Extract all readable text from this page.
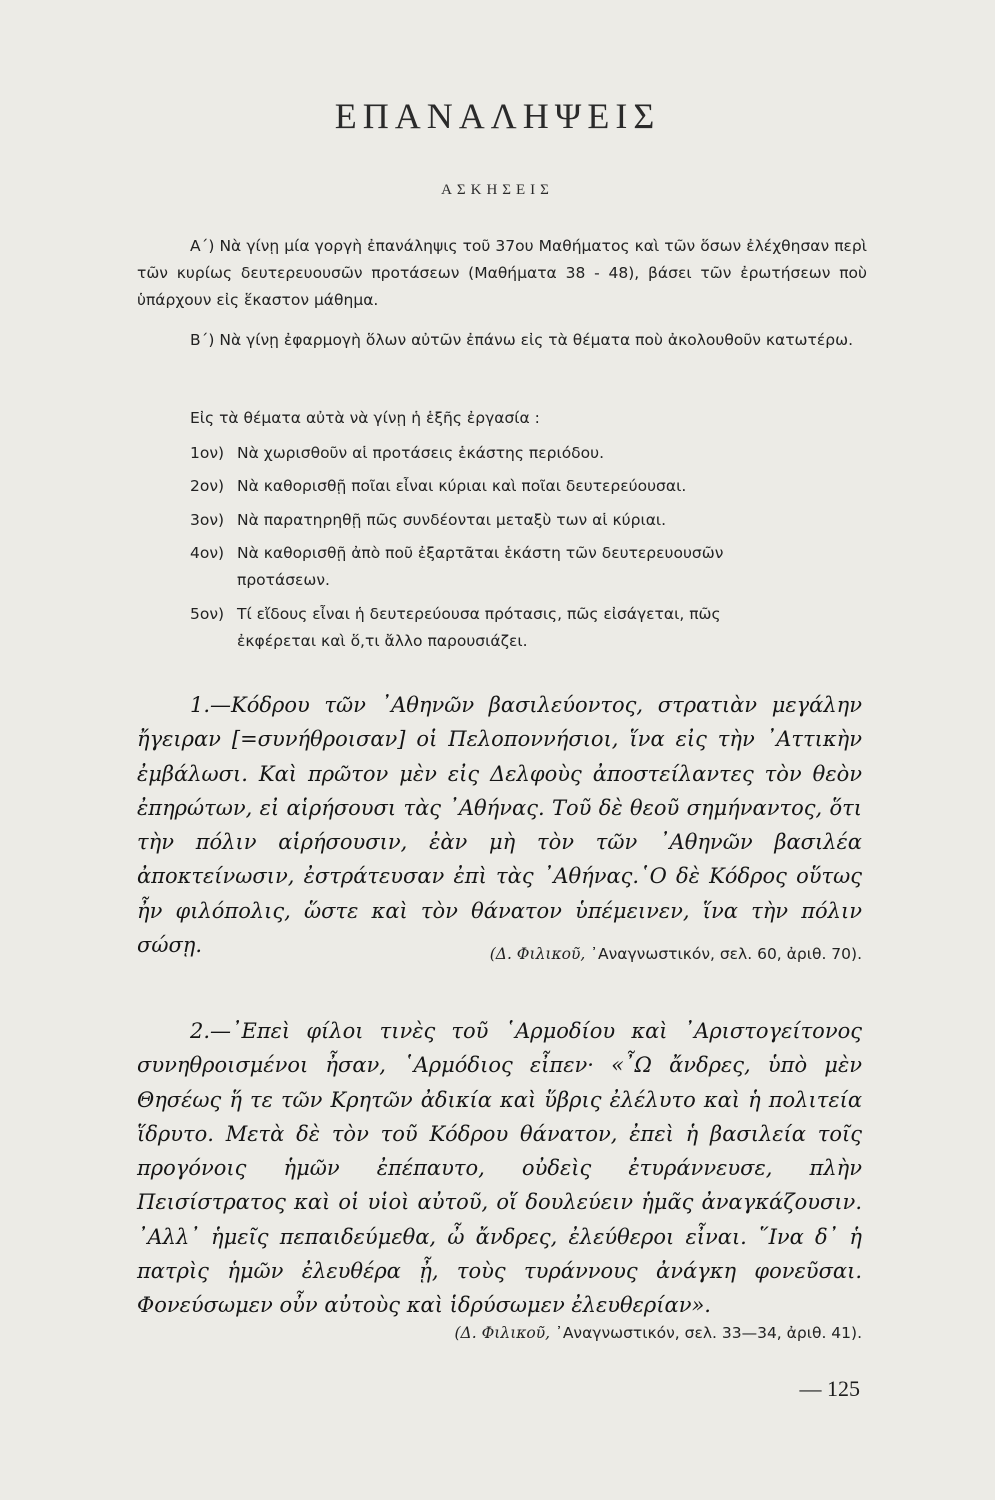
ΕΠΑΝΑΛΗΨΕΙΣ
ΑΣΚΗΣΕΙΣ

Α΄) Νὰ γίνῃ μία γοργὴ ἐπανάληψις τοῦ 37ου Μαθήματος καὶ τῶν ὅσων ἐλέχθησαν περὶ τῶν κυρίως δευτερευουσῶν προτάσεων (Μαθήματα 38 - 48), βάσει τῶν ἐρωτήσεων ποὺ ὑπάρχουν εἰς ἕκαστον μάθημα.

Β΄) Νὰ γίνῃ ἐφαρμογὴ ὅλων αὐτῶν ἐπάνω εἰς τὰ θέματα ποὺ ἀκολουθοῦν κατωτέρω.

Εἰς τὰ θέματα αὐτὰ νὰ γίνῃ ἡ ἑξῆς ἐργασία :

1ον) Νὰ χωρισθοῦν αἱ προτάσεις ἑκάστης περιόδου.
2ον) Νὰ καθορισθῇ ποῖαι εἶναι κύριαι καὶ ποῖαι δευτερεύουσαι.
3ον) Νὰ παρατηρηθῇ πῶς συνδέονται μεταξὺ των αἱ κύριαι.
4ον) Νὰ καθορισθῇ ἀπὸ ποῦ ἐξαρτᾶται ἑκάστη τῶν δευτερευουσῶν
προτάσεων.
5ον) Τί εἴδους εἶναι ἡ δευτερεύουσα πρότασις, πῶς εἰσάγεται, πῶς
ἐκφέρεται καὶ ὅ,τι ἄλλο παρουσιάζει.

1.—Κόδρου τῶν ᾿Αθηνῶν βασιλεύοντος, στρατιὰν μεγάλην ἤγειραν [=συνήθροισαν] οἱ Πελοποννήσιοι, ἵνα εἰς τὴν ᾿Αττικὴν ἐμβάλωσι. Καὶ πρῶτον μὲν εἰς Δελφοὺς ἀποστείλαντες τὸν θεὸν ἐπηρώτων, εἰ αἱρήσουσι τὰς ᾿Αθήνας. Τοῦ δὲ θεοῦ σημήναντος, ὅτι τὴν πόλιν αἱρήσουσιν, ἐὰν μὴ τὸν τῶν ᾿Αθηνῶν βασιλέα ἀποκτείνωσιν, ἐστράτευσαν ἐπὶ τὰς ᾿Αθήνας.῾Ο δὲ Κόδρος οὕτως ἦν φιλόπολις, ὥστε καὶ τὸν θάνατον ὑπέμεινεν, ἵνα τὴν πόλιν σώσῃ.	(Δ. Φιλικοῦ, ᾿Αναγνωστικόν, σελ. 60, ἀριθ. 70).

2.—᾿Επεὶ φίλοι τινὲς τοῦ ῾Αρμοδίου καὶ ᾿Αριστογείτονος συνηθροισμένοι ἦσαν, ῾Αρμόδιος εἶπεν· «῏Ω ἄνδρες, ὑπὸ μὲν Θησέως ἥ τε τῶν Κρητῶν ἀδικία καὶ ὕβρις ἐλέλυτο καὶ ἡ πολιτεία ἵδρυτο. Μετὰ δὲ τὸν τοῦ Κόδρου θάνατον, ἐπεὶ ἡ βασιλεία τοῖς προγόνοις ἡμῶν ἐπέπαυτο, οὐδεὶς ἐτυράννευσε, πλὴν Πεισίστρατος καὶ οἱ υἱοὶ αὐτοῦ, οἵ δουλεύειν ἡμᾶς ἀναγκάζουσιν. ᾿Αλλ᾿ ἡμεῖς πεπαιδεύμεθα, ὦ ἄνδρες, ἐλεύθεροι εἶναι. ῞Ινα δ᾿ ἡ πατρὶς ἡμῶν ἐλευθέρα ᾖ, τοὺς τυράννους ἀνάγκη φονεῦσαι. Φονεύσωμεν οὖν αὐτοὺς καὶ ἱδρύσωμεν ἐλευθερίαν».

(Δ. Φιλικοῦ, ᾿Αναγνωστικόν, σελ. 33—34, ἀριθ. 41).
— 125
